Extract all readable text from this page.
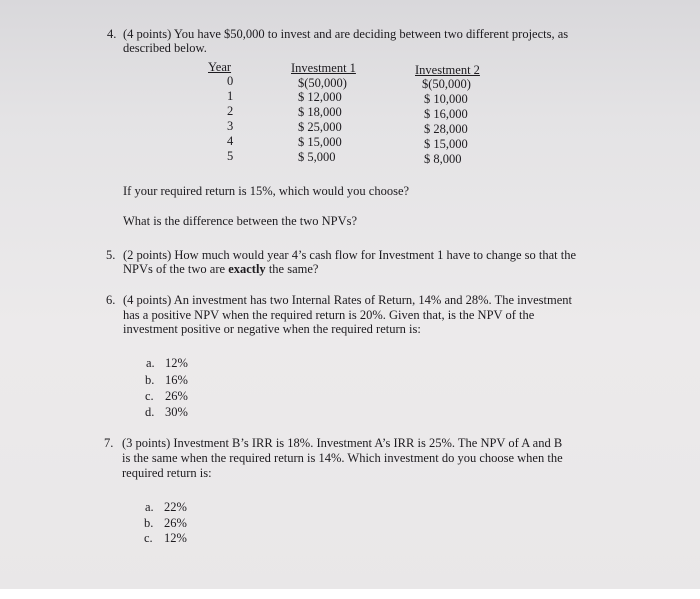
4. (4 points) You have $50,000 to invest and are deciding between two different projects, as
described below.
Year	Investment 1	Investment 2
0	$(50,000)	$(50,000)
1	$ 12,000	$ 10,000
2	$ 18,000	$ 16,000
3	$ 25,000	$ 28,000
4	$ 15,000	$ 15,000
5	$ 5,000	$ 8,000
If your required return is 15%, which would you choose?
What is the difference between the two NPVs?
5. (2 points) How much would year 4’s cash flow for Investment 1 have to change so that the
NPVs of the two are exactly the same?
6. (4 points) An investment has two Internal Rates of Return, 14% and 28%. The investment
has a positive NPV when the required return is 20%. Given that, is the NPV of the
investment positive or negative when the required return is:
a. 12%
b. 16%
c. 26%
d. 30%
7. (3 points) Investment B’s IRR is 18%. Investment A’s IRR is 25%. The NPV of A and B
is the same when the required return is 14%. Which investment do you choose when the
required return is:
a. 22%
b. 26%
c. 12%
